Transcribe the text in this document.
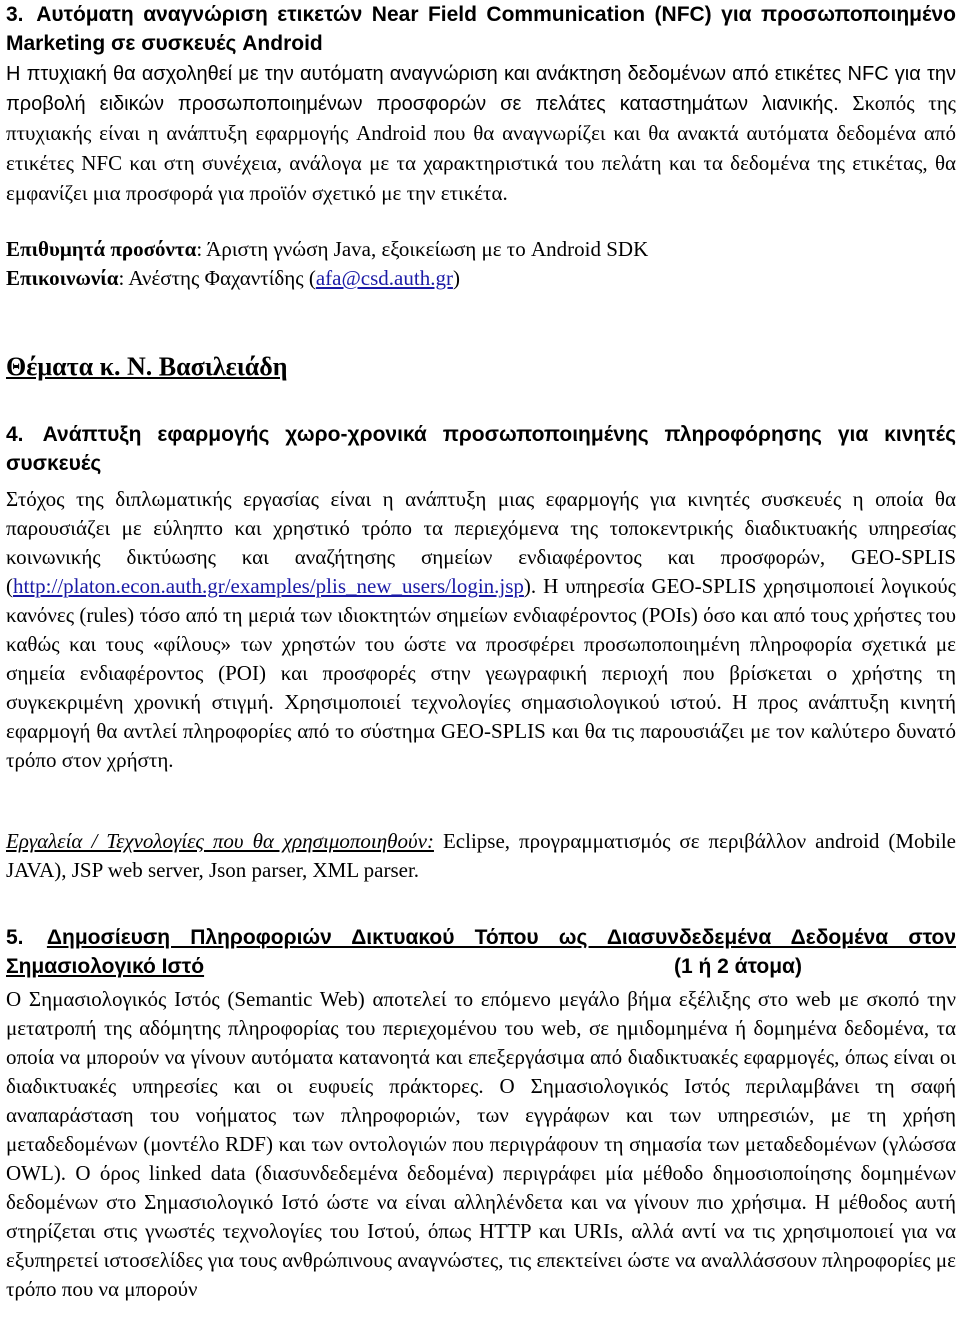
3. Αυτόματη αναγνώριση ετικετών Near Field Communication (NFC) για προσωποποιημένο Marketing σε συσκευές Android
Η πτυχιακή θα ασχοληθεί με την αυτόματη αναγνώριση και ανάκτηση δεδομένων από ετικέτες NFC για την προβολή ειδικών προσωποποιημένων προσφορών σε πελάτες καταστημάτων λιανικής. Σκοπός της πτυχιακής είναι η ανάπτυξη εφαρμογής Android που θα αναγνωρίζει και θα ανακτά αυτόματα δεδομένα από ετικέτες NFC και στη συνέχεια, ανάλογα με τα χαρακτηριστικά του πελάτη και τα δεδομένα της ετικέτας, θα εμφανίζει μια προσφορά για προϊόν σχετικό με την ετικέτα.
Επιθυμητά προσόντα: Άριστη γνώση Java, εξοικείωση με το Android SDK
Επικοινωνία: Ανέστης Φαχαντίδης (afa@csd.auth.gr)
Θέματα κ. Ν. Βασιλειάδη
4. Ανάπτυξη εφαρμογής χωρο-χρονικά προσωποποιημένης πληροφόρησης για κινητές συσκευές
Στόχος της διπλωματικής εργασίας είναι η ανάπτυξη μιας εφαρμογής για κινητές συσκευές η οποία θα παρουσιάζει με εύληπτο και χρηστικό τρόπο τα περιεχόμενα της τοποκεντρικής διαδικτυακής υπηρεσίας κοινωνικής δικτύωσης και αναζήτησης σημείων ενδιαφέροντος και προσφορών, GEO-SPLIS (http://platon.econ.auth.gr/examples/plis_new_users/login.jsp). Η υπηρεσία GEO-SPLIS χρησιμοποιεί λογικούς κανόνες (rules) τόσο από τη μεριά των ιδιοκτητών σημείων ενδιαφέροντος (POIs) όσο και από τους χρήστες του καθώς και τους «φίλους» των χρηστών του ώστε να προσφέρει προσωποποιημένη πληροφορία σχετικά με σημεία ενδιαφέροντος (POI) και προσφορές στην γεωγραφική περιοχή που βρίσκεται ο χρήστης τη συγκεκριμένη χρονική στιγμή. Χρησιμοποιεί τεχνολογίες σημασιολογικού ιστού. Η προς ανάπτυξη κινητή εφαρμογή θα αντλεί πληροφορίες από το σύστημα GEO-SPLIS και θα τις παρουσιάζει με τον καλύτερο δυνατό τρόπο στον χρήστη.
Εργαλεία / Τεχνολογίες που θα χρησιμοποιηθούν: Eclipse, προγραμματισμός σε περιβάλλον android (Mobile JAVA), JSP web server, Json parser, XML parser.
5. Δημοσίευση Πληροφοριών Δικτυακού Τόπου ως Διασυνδεδεμένα Δεδομένα στον Σημασιολογικό Ιστό	(1 ή 2 άτομα)
Ο Σημασιολογικός Ιστός (Semantic Web) αποτελεί το επόμενο μεγάλο βήμα εξέλιξης στο web με σκοπό την μετατροπή της αδόμητης πληροφορίας του περιεχομένου του web, σε ημιδομημένα ή δομημένα δεδομένα, τα οποία να μπορούν να γίνουν αυτόματα κατανοητά και επεξεργάσιμα από διαδικτυακές εφαρμογές, όπως είναι οι διαδικτυακές υπηρεσίες και οι ευφυείς πράκτορες. Ο Σημασιολογικός Ιστός περιλαμβάνει τη σαφή αναπαράσταση του νοήματος των πληροφοριών, των εγγράφων και των υπηρεσιών, με τη χρήση μεταδεδομένων (μοντέλο RDF) και των οντολογιών που περιγράφουν τη σημασία των μεταδεδομένων (γλώσσα OWL). Ο όρος linked data (διασυνδεδεμένα δεδομένα) περιγράφει μία μέθοδο δημοσιοποίησης δομημένων δεδομένων στο Σημασιολογικό Ιστό ώστε να είναι αλληλένδετα και να γίνουν πιο χρήσιμα. Η μέθοδος αυτή στηρίζεται στις γνωστές τεχνολογίες του Ιστού, όπως HTTP και URIs, αλλά αντί να τις χρησιμοποιεί για να εξυπηρετεί ιστοσελίδες για τους ανθρώπινους αναγνώστες, τις επεκτείνει ώστε να αναλλάσσουν πληροφορίες με τρόπο που να μπορούν
